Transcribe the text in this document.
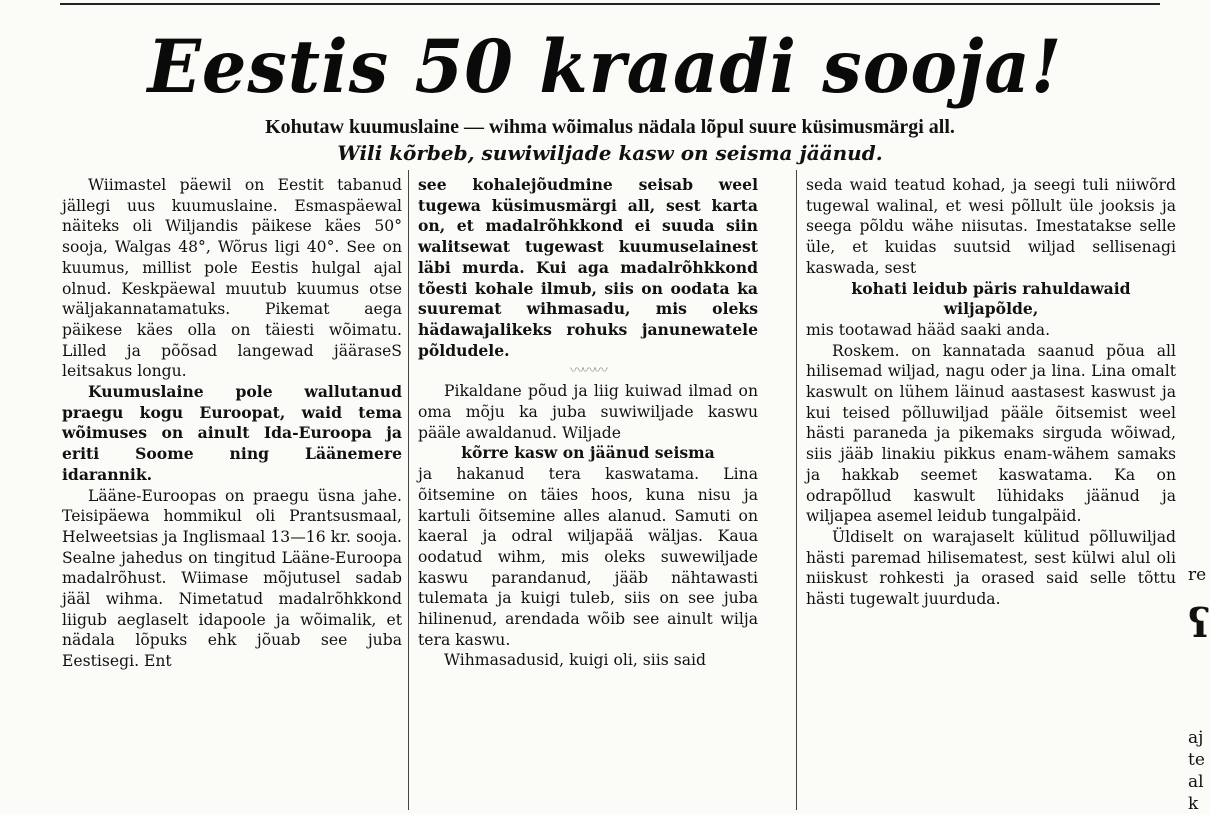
Eestis 50 kraadi sooja!
Kohutaw kuumuslaine — wihma wõimalus nädala lõpul suure küsimusmärgi all.
Wili kõrbeb, suwiwiljade kasw on seisma jäänud.

Wiimastel päewil on Eestit tabanud jällegi uus kuumuslaine. Esmaspäewal näiteks oli Wiljandis päikese käes 50° sooja, Walgas 48°, Wõrus ligi 40°. See on kuumus, millist pole Eestis hulgal ajal olnud. Keskpäewal muutub kuumus otse wäljakannatamatuks. Pikemat aega päikese käes olla on täiesti wõimatu. Lilled ja põõsad langewad jääraseS leitsakus longu.

Kuumuslaine pole wallutanud praegu kogu Euroopat, waid tema wõimuses on ainult Ida-Euroopa ja eriti Soome ning Läänemere idarannik.

Lääne-Euroopas on praegu üsna jahe. Teisipäewa hommikul oli Prantsusmaal, Helweetsias ja Inglismaal 13—16 kr. sooja. Sealne jahedus on tingitud Lääne-Euroopa madalrõhust. Wiimase mõjutusel sadab jääl wihma. Nimetatud madalrõhkkond liigub aeglaselt idapoole ja wõimalik, et nädala lõpuks ehk jõuab see juba Eestisegi. Ent

see kohalejõudmine seisab weel tugewa küsimusmärgi all, sest karta on, et madalrõhkkond ei suuda siin walitsewat tugewast kuumuselainest läbi murda. Kui aga madalrõhkkond tõesti kohale ilmub, siis on oodata ka suuremat wihmasadu, mis oleks hädawajalikeks rohuks janunewatele põldudele.

〰〰〰

Pikaldane põud ja liig kuiwad ilmad on oma mõju ka juba suwiwiljade kaswu pääle awaldanud. Wiljade

kõrre kasw on jäänud seisma

ja hakanud tera kaswatama. Lina õitsemine on täies hoos, kuna nisu ja kartuli õitsemine alles alanud. Samuti on kaeral ja odral wiljapää wäljas. Kaua oodatud wihm, mis oleks suwewiljade kaswu parandanud, jääb nähtawasti tulemata ja kuigi tuleb, siis on see juba hilinenud, arendada wõib see ainult wilja tera kaswu.

Wihmasadusid, kuigi oli, siis said

seda waid teatud kohad, ja seegi tuli niiwõrd tugewal walinal, et wesi põllult üle jooksis ja seega põldu wähe niisutas. Imestatakse selle üle, et kuidas suutsid wiljad sellisenagi kaswada, sest

kohati leidub päris rahuldawaid wiljapõlde,

mis tootawad hääd saaki anda.

Roskem. on kannatada saanud põua all hilisemad wiljad, nagu oder ja lina. Lina omalt kaswult on lühem läinud aastasest kaswust ja kui teised põlluwiljad pääle õitsemist weel hästi paraneda ja pikemaks sirguda wõiwad, siis jääb linakiu pikkus enam-wähem samaks ja hakkab seemet kaswatama. Ka on odrapõllud kaswult lühidaks jäänud ja wiljapea asemel leidub tungalpäid.

Üldiselt on warajaselt külitud põlluwiljad hästi paremad hilisematest, sest külwi alul oli niiskust rohkesti ja orased said selle tõttu hästi tugewalt juurduda.

re
ʕ
aj
te
al
k
